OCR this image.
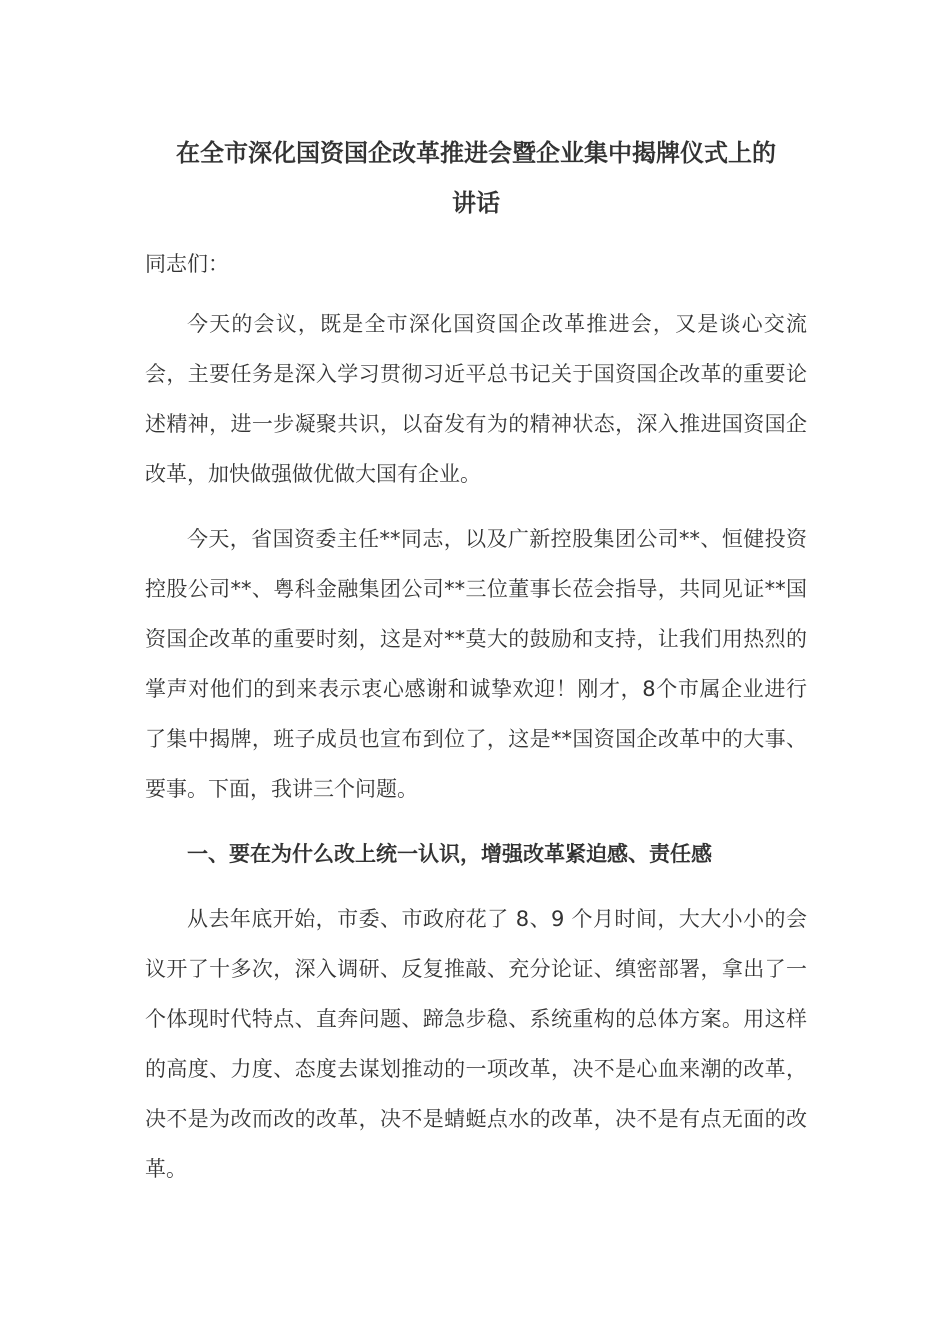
在全市深化国资国企改革推进会暨企业集中揭牌仪式上的
讲话

同志们：

今天的会议，既是全市深化国资国企改革推进会，又是谈心交流会，主要任务是深入学习贯彻习近平总书记关于国资国企改革的重要论述精神，进一步凝聚共识，以奋发有为的精神状态，深入推进国资国企改革，加快做强做优做大国有企业。

今天，省国资委主任**同志，以及广新控股集团公司**、恒健投资控股公司**、粤科金融集团公司**三位董事长莅会指导，共同见证**国资国企改革的重要时刻，这是对**莫大的鼓励和支持，让我们用热烈的掌声对他们的到来表示衷心感谢和诚挚欢迎！刚才，8个市属企业进行了集中揭牌，班子成员也宣布到位了，这是**国资国企改革中的大事、要事。下面，我讲三个问题。

一、要在为什么改上统一认识，增强改革紧迫感、责任感

从去年底开始，市委、市政府花了 8、9 个月时间，大大小小的会议开了十多次，深入调研、反复推敲、充分论证、缜密部署，拿出了一个体现时代特点、直奔问题、蹄急步稳、系统重构的总体方案。用这样的高度、力度、态度去谋划推动的一项改革，决不是心血来潮的改革，决不是为改而改的改革，决不是蜻蜓点水的改革，决不是有点无面的改革。
